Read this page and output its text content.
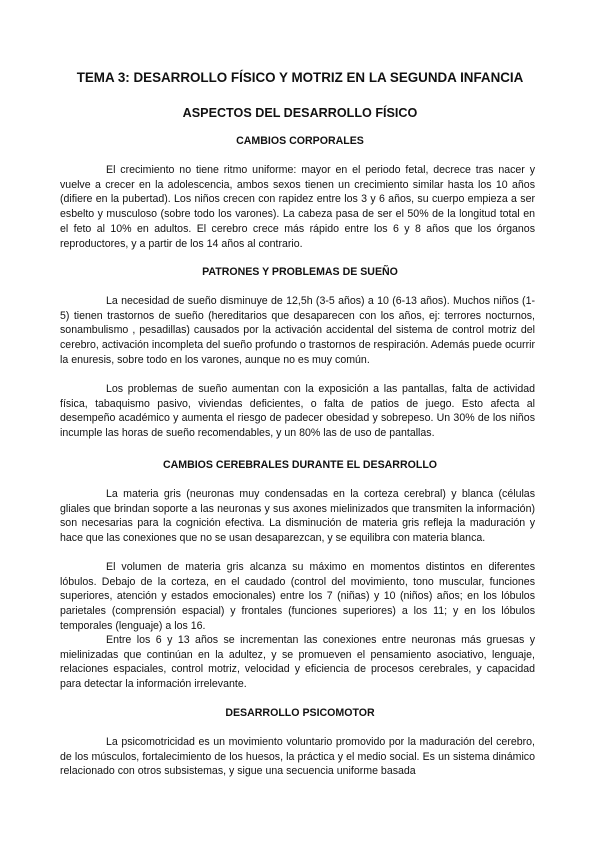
TEMA 3: DESARROLLO FÍSICO Y MOTRIZ EN LA SEGUNDA INFANCIA
ASPECTOS DEL DESARROLLO FÍSICO
CAMBIOS CORPORALES

El crecimiento no tiene ritmo uniforme: mayor en el periodo fetal, decrece tras nacer y vuelve a crecer en la adolescencia, ambos sexos tienen un crecimiento similar hasta los 10 años (difiere en la pubertad). Los niños crecen con rapidez entre los 3 y 6 años, su cuerpo empieza a ser esbelto y musculoso (sobre todo los varones). La cabeza pasa de ser el 50% de la longitud total en el feto al 10% en adultos. El cerebro crece más rápido entre los 6 y 8 años que los órganos reproductores, y a partir de los 14 años al contrario.

PATRONES Y PROBLEMAS DE SUEÑO

La necesidad de sueño disminuye de 12,5h (3-5 años) a 10 (6-13 años). Muchos niños (1-5) tienen trastornos de sueño (hereditarios que desaparecen con los años, ej: terrores nocturnos, sonambulismo , pesadillas) causados por la activación accidental del sistema de control motriz del cerebro, activación incompleta del sueño profundo o trastornos de respiración. Además puede ocurrir la enuresis, sobre todo en los varones, aunque no es muy común.

Los problemas de sueño aumentan con la exposición a las pantallas, falta de actividad física, tabaquismo pasivo, viviendas deficientes, o falta de patios de juego. Esto afecta al desempeño académico y aumenta el riesgo de padecer obesidad y sobrepeso. Un 30% de los niños incumple las horas de sueño recomendables, y un 80% las de uso de pantallas.

CAMBIOS CEREBRALES DURANTE EL DESARROLLO

La materia gris (neuronas muy condensadas en la corteza cerebral) y blanca (células gliales que brindan soporte a las neuronas y sus axones mielinizados que transmiten la información) son necesarias para la cognición efectiva. La disminución de materia gris refleja la maduración y hace que las conexiones que no se usan desaparezcan, y se equilibra con materia blanca.

El volumen de materia gris alcanza su máximo en momentos distintos en diferentes lóbulos. Debajo de la corteza, en el caudado (control del movimiento, tono muscular, funciones superiores, atención y estados emocionales) entre los 7 (niñas) y 10 (niños) años; en los lóbulos parietales (comprensión espacial) y frontales (funciones superiores) a los 11; y en los lóbulos temporales (lenguaje) a los 16.

Entre los 6 y 13 años se incrementan las conexiones entre neuronas más gruesas y mielinizadas que continúan en la adultez, y se promueven el pensamiento asociativo, lenguaje, relaciones espaciales, control motriz, velocidad y eficiencia de procesos cerebrales, y capacidad para detectar la información irrelevante.

DESARROLLO PSICOMOTOR

La psicomotricidad es un movimiento voluntario promovido por la maduración del cerebro, de los músculos, fortalecimiento de los huesos, la práctica y el medio social. Es un sistema dinámico relacionado con otros subsistemas, y sigue una secuencia uniforme basada
